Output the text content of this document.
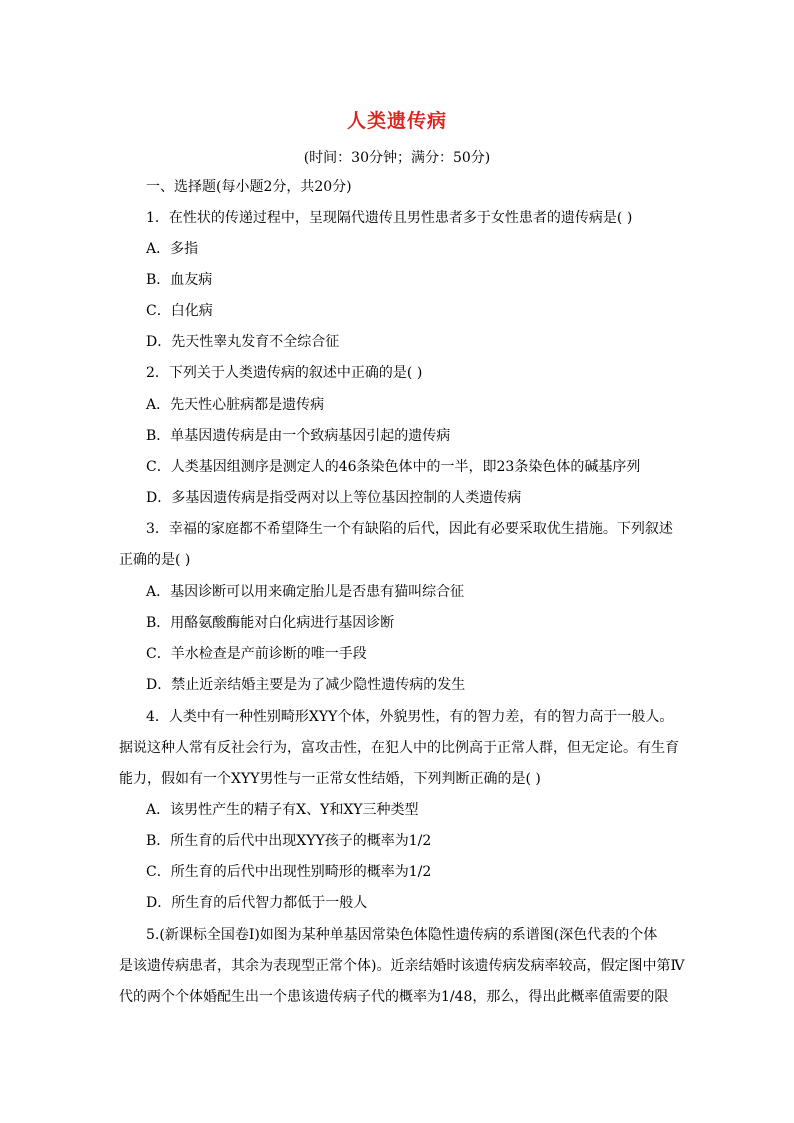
人类遗传病
(时间：30分钟；满分：50分)
一、选择题(每小题2分，共20分)
1．在性状的传递过程中，呈现隔代遗传且男性患者多于女性患者的遗传病是( )
A．多指
B．血友病
C．白化病
D．先天性睾丸发育不全综合征
2．下列关于人类遗传病的叙述中正确的是( )
A．先天性心脏病都是遗传病
B．单基因遗传病是由一个致病基因引起的遗传病
C．人类基因组测序是测定人的46条染色体中的一半，即23条染色体的碱基序列
D．多基因遗传病是指受两对以上等位基因控制的人类遗传病
3．幸福的家庭都不希望降生一个有缺陷的后代，因此有必要采取优生措施。下列叙述
正确的是( )
A．基因诊断可以用来确定胎儿是否患有猫叫综合征
B．用酪氨酸酶能对白化病进行基因诊断
C．羊水检查是产前诊断的唯一手段
D．禁止近亲结婚主要是为了减少隐性遗传病的发生
4．人类中有一种性别畸形XYY个体，外貌男性，有的智力差，有的智力高于一般人。
据说这种人常有反社会行为，富攻击性，在犯人中的比例高于正常人群，但无定论。有生育
能力，假如有一个XYY男性与一正常女性结婚，下列判断正确的是( )
A．该男性产生的精子有X、Y和XY三种类型
B．所生育的后代中出现XYY孩子的概率为1/2
C．所生育的后代中出现性别畸形的概率为1/2
D．所生育的后代智力都低于一般人
5.(新课标全国卷Ⅰ)如图为某种单基因常染色体隐性遗传病的系谱图(深色代表的个体
是该遗传病患者，其余为表现型正常个体)。近亲结婚时该遗传病发病率较高，假定图中第Ⅳ
代的两个个体婚配生出一个患该遗传病子代的概率为1/48，那么，得出此概率值需要的限
